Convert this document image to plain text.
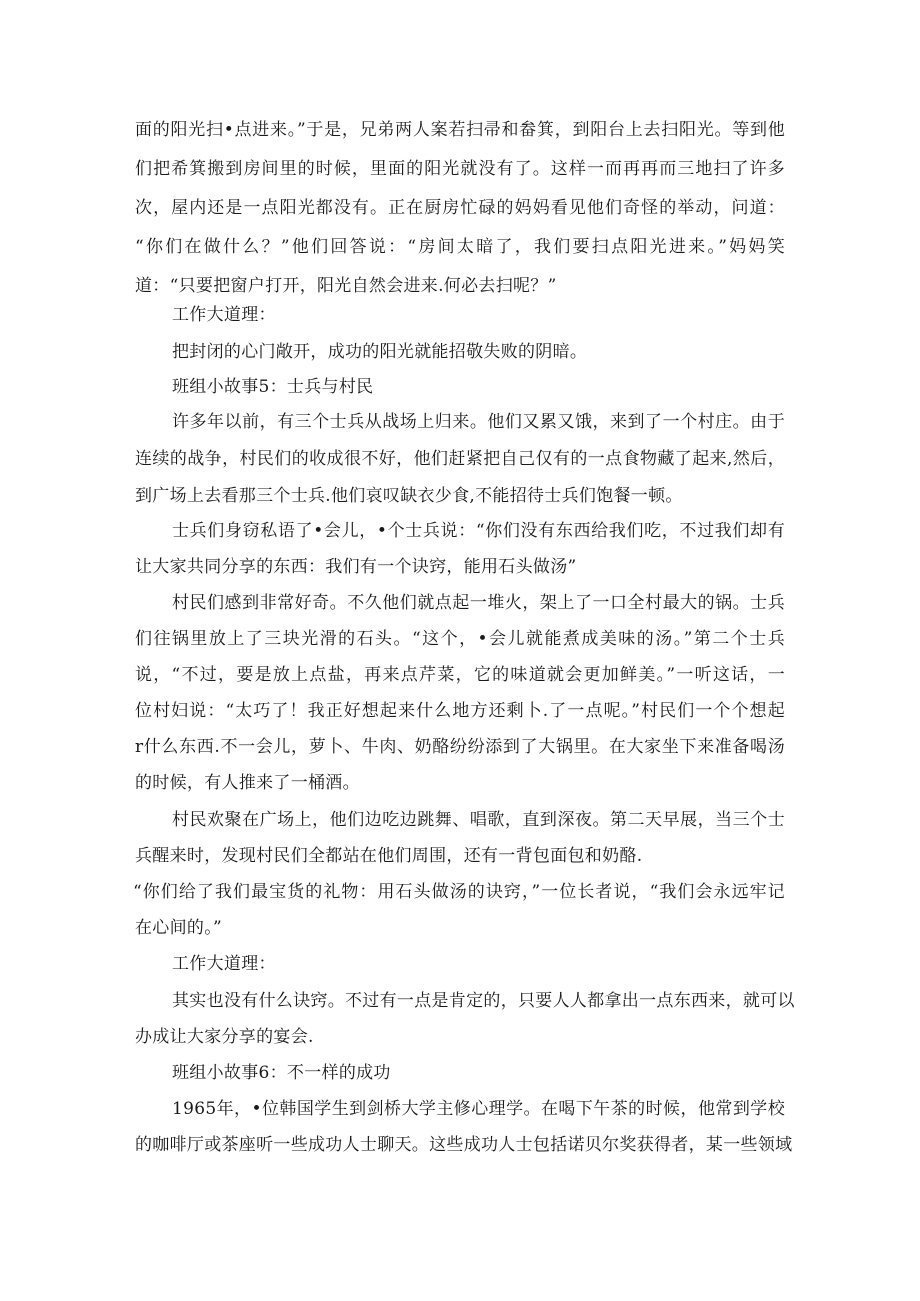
面的阳光扫•点进来。”于是，兄弟两人案若扫帚和畚箕，到阳台上去扫阳光。等到他
们把希箕搬到房间里的时候，里面的阳光就没有了。这样一而再再而三地扫了许多
次，屋内还是一点阳光都没有。正在厨房忙碌的妈妈看见他们奇怪的举动，问道：
“你们在做什么？”他们回答说：“房间太暗了，我们要扫点阳光进来。”妈妈笑
道：“只要把窗户打开，阳光自然会进来.何必去扫呢？”
工作大道理：
把封闭的心门敞开，成功的阳光就能招敬失败的阴暗。
班组小故事5：士兵与村民
许多年以前，有三个士兵从战场上归来。他们又累又饿，来到了一个村庄。由于
连续的战争，村民们的收成很不好，他们赶紧把自己仅有的一点食物藏了起来,然后，
到广场上去看那三个士兵.他们哀叹缺衣少食,不能招待士兵们饱餐一顿。
士兵们身窃私语了•会儿，•个士兵说：“你们没有东西给我们吃，不过我们却有
让大家共同分享的东西：我们有一个诀窍，能用石头做汤”
村民们感到非常好奇。不久他们就点起一堆火，架上了一口全村最大的锅。士兵
们往锅里放上了三块光滑的石头。“这个，•会儿就能煮成美味的汤。”第二个士兵
说，“不过，要是放上点盐，再来点芹菜，它的味道就会更加鲜美。”一听这话，一
位村妇说：“太巧了！我正好想起来什么地方还剩卜.了一点呢。”村民们一个个想起
r什么东西.不一会儿，萝卜、牛肉、奶酪纷纷添到了大锅里。在大家坐下来准备喝汤
的时候，有人推来了一桶酒。
村民欢聚在广场上，他们边吃边跳舞、唱歌，直到深夜。第二天早展，当三个士
兵醒来时，发现村民们全都站在他们周围，还有一背包面包和奶酪.
“你们给了我们最宝货的礼物：用石头做汤的诀窍，”一位长者说，“我们会永远牢记
在心间的。”
工作大道理：
其实也没有什么诀窍。不过有一点是肯定的，只要人人都拿出一点东西来，就可以
办成让大家分享的宴会.
班组小故事6：不一样的成功
1965年，•位韩国学生到剑桥大学主修心理学。在喝下午茶的时候，他常到学校
的咖啡厅或茶座听一些成功人士聊天。这些成功人士包括诺贝尔奖获得者，某一些领域
